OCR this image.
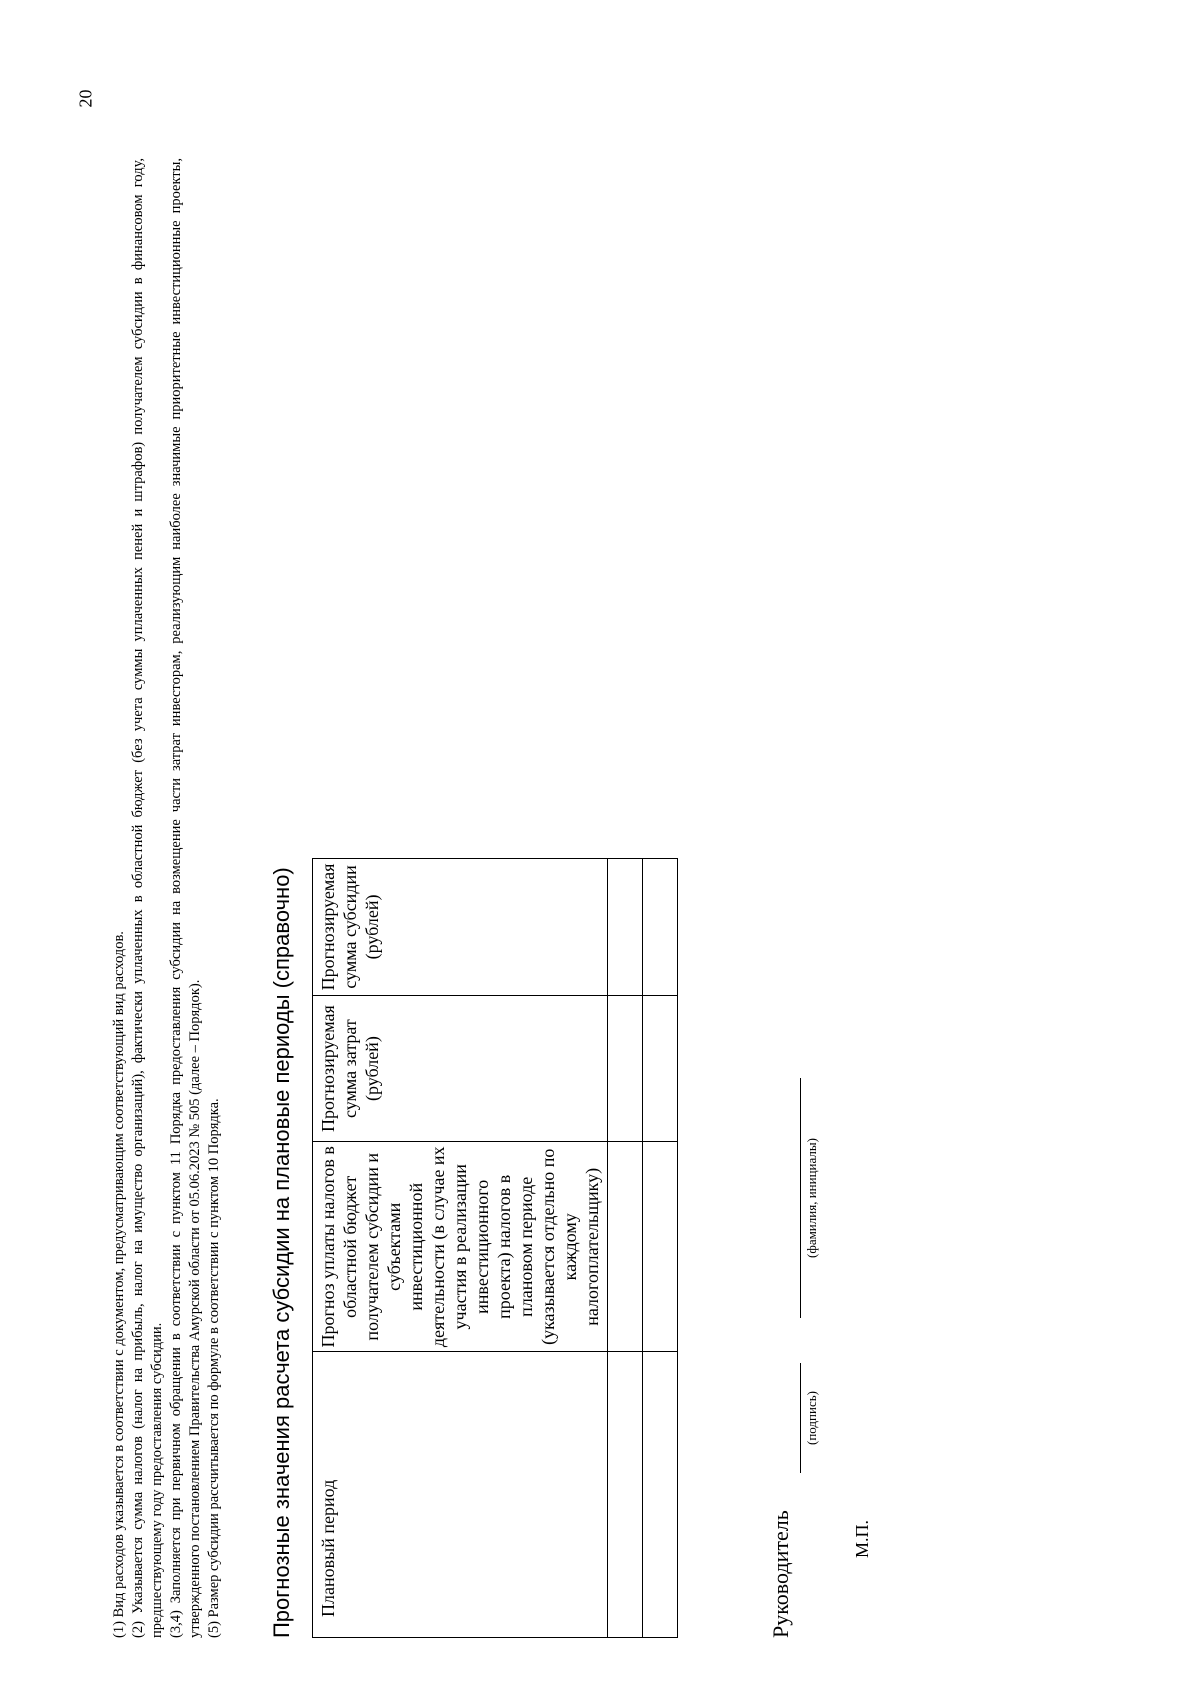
20

(1) Вид расходов указывается в соответствии с документом, предусматривающим соответствующий вид расходов. (2) Указывается сумма налогов (налог на прибыль, налог на имущество организаций), фактически уплаченных в областной бюджет (без учета суммы уплаченных пеней и штрафов) получателем субсидии в финансовом году, предшествующему году предоставления субсидии. (3,4) Заполняется при первичном обращении в соответствии с пунктом 11 Порядка предоставления субсидии на возмещение части затрат инвесторам, реализующим наиболее значимые приоритетные инвестиционные проекты, утвержденного постановлением Правительства Амурской области от 05.06.2023 № 505 (далее – Порядок). (5) Размер субсидии рассчитывается по формуле в соответствии с пунктом 10 Порядка. Прогнозные значения расчета субсидии на плановые периоды (справочно) Плановый период	Прогноз уплаты налогов в областной бюджет получателем субсидии и субъектами инвестиционной деятельности (в случае их участия в реализации инвестиционного проекта) налогов в плановом периоде (указывается отдельно по каждому налогоплательщику)	Прогнозируемая сумма затрат (рублей)	Прогнозируемая сумма субсидии (рублей)

Руководитель
(подпись)
(фамилия, инициалы)
М.П.
